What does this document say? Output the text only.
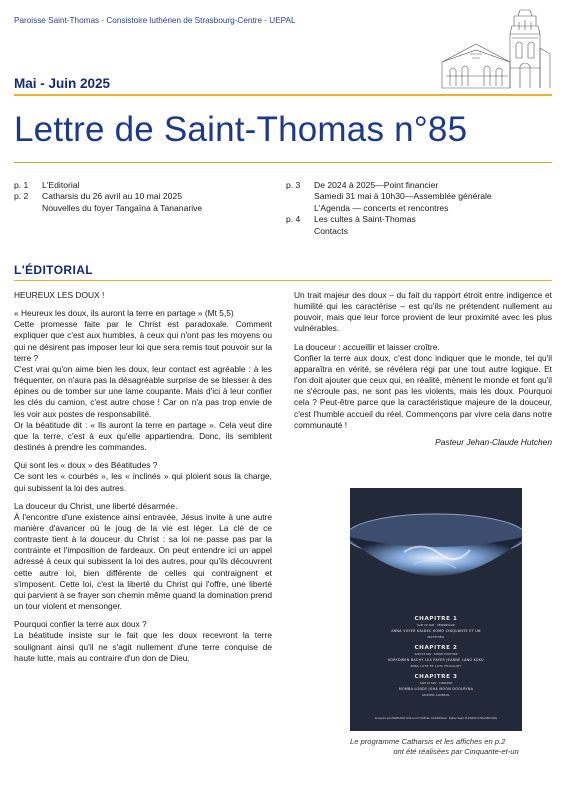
Paroisse Saint-Thomas - Consistoire luthérien de Strasbourg-Centre - UEPAL
Mai - Juin 2025
Lettre de Saint-Thomas n°85
p. 1	L'Editorial
p. 2	Catharsis du 26 avril au 10 mai 2025
Nouvelles du foyer Tangaïna à Tananarive
p. 3	De 2024 à 2025—Point financier
Samedi 31 mai à 10h30—Assemblée générale
L'Agenda — concerts et rencontres
p. 4	Les cultes à Saint-Thomas
Contacts
L'ÉDITORIAL

HEUREUX LES DOUX !

« Heureux les doux, ils auront la terre en partage » (Mt 5,5)

Cette promesse faite par le Christ est paradoxale. Comment expliquer que c'est aux humbles, à ceux qui n'ont pas les moyens ou qui ne désirent pas imposer leur loi que sera remis tout pouvoir sur la terre ?

C'est vrai qu'on aime bien les doux, leur contact est agréable : à les fréquenter, on n'aura pas la désagréable surprise de se blesser à des épines ou de tomber sur une lame coupante. Mais d'ici à leur confier les clés du camion, c'est autre chose ! Car on n'a pas trop envie de les voir aux postes de responsabilité.

Or la béatitude dit : « Ils auront la terre en partage ». Cela veut dire que la terre, c'est à eux qu'elle appartiendra. Donc, ils semblent destinés à prendre les commandes.

Qui sont les « doux » des Béatitudes ?

Ce sont les « courbés », les « inclinés » qui ploient sous la charge, qui subissent la loi des autres.

La douceur du Christ, une liberté désarmée.

À l'encontre d'une existence ainsi entravée, Jésus invite à une autre manière d'avancer où le joug de la vie est léger. La clé de ce contraste tient à la douceur du Christ : sa loi ne passe pas par la contrainte et l'imposition de fardeaux. On peut entendre ici un appel adressé à ceux qui subissent la loi des autres, pour qu'ils découvrent cette autre loi, bien différente de celles qui contraignent et s'imposent. Cette loi, c'est la liberté du Christ qui l'offre, une liberté qui parvient à se frayer son chemin même quand la domination prend un tour violent et mensonger.

Pourquoi confier la terre aux doux ?

La béatitude insiste sur le fait que les doux recevront la terre soulignant ainsi qu'il ne s'agit nullement d'une terre conquise de haute lutte, mais au contraire d'un don de Dieu.

Un trait majeur des doux – du fait du rapport étroit entre indigence et humilité qui les caractérise – est qu'ils ne prétendent nullement au pouvoir, mais que leur force provient de leur proximité avec les plus vulnérables.

La douceur : accueillir et laisser croître.

Confier la terre aux doux, c'est donc indiquer que le monde, tel qu'il apparaîtra en vérité, se révélera régi par une tout autre logique. Et l'on doit ajouter que ceux qui, en réalité, mènent le monde et font qu'il ne s'écroule pas, ne sont pas les violents, mais les doux. Pourquoi cela ? Peut-être parce que la caractéristique majeure de la douceur, c'est l'humble accueil du réel. Commençons par vivre cela dans notre communauté !

Pasteur Jehan-Claude Hutchen
CHAPITRE 1
SAM 26 AVR · VERNISSAGE
ANNA VOYER KALBEC KOMO CINQUANTE ET UN
MATTHIEU
CHAPITRE 2
SAM 03 MAI · SHOW COUTURE
KORYDWEN BACHY LEA PAYER JEANNE LANG KOKU
NINA LUTZ ET LOIC FRICAUDT
CHAPITRE 3
SAM 10 MAI · CONCERT
MOMBA LONDY JOHA MOON DOOLRYNA
ADRIEN CAMROL
Inauguré par PERRAND LIOH et AYOUB EL OUARDIGHI · Église Saint-THOMAS STRASBOURG
Le programme Catharsis et les affiches en p.2
ont été réalisées par Cinquante-et-un
